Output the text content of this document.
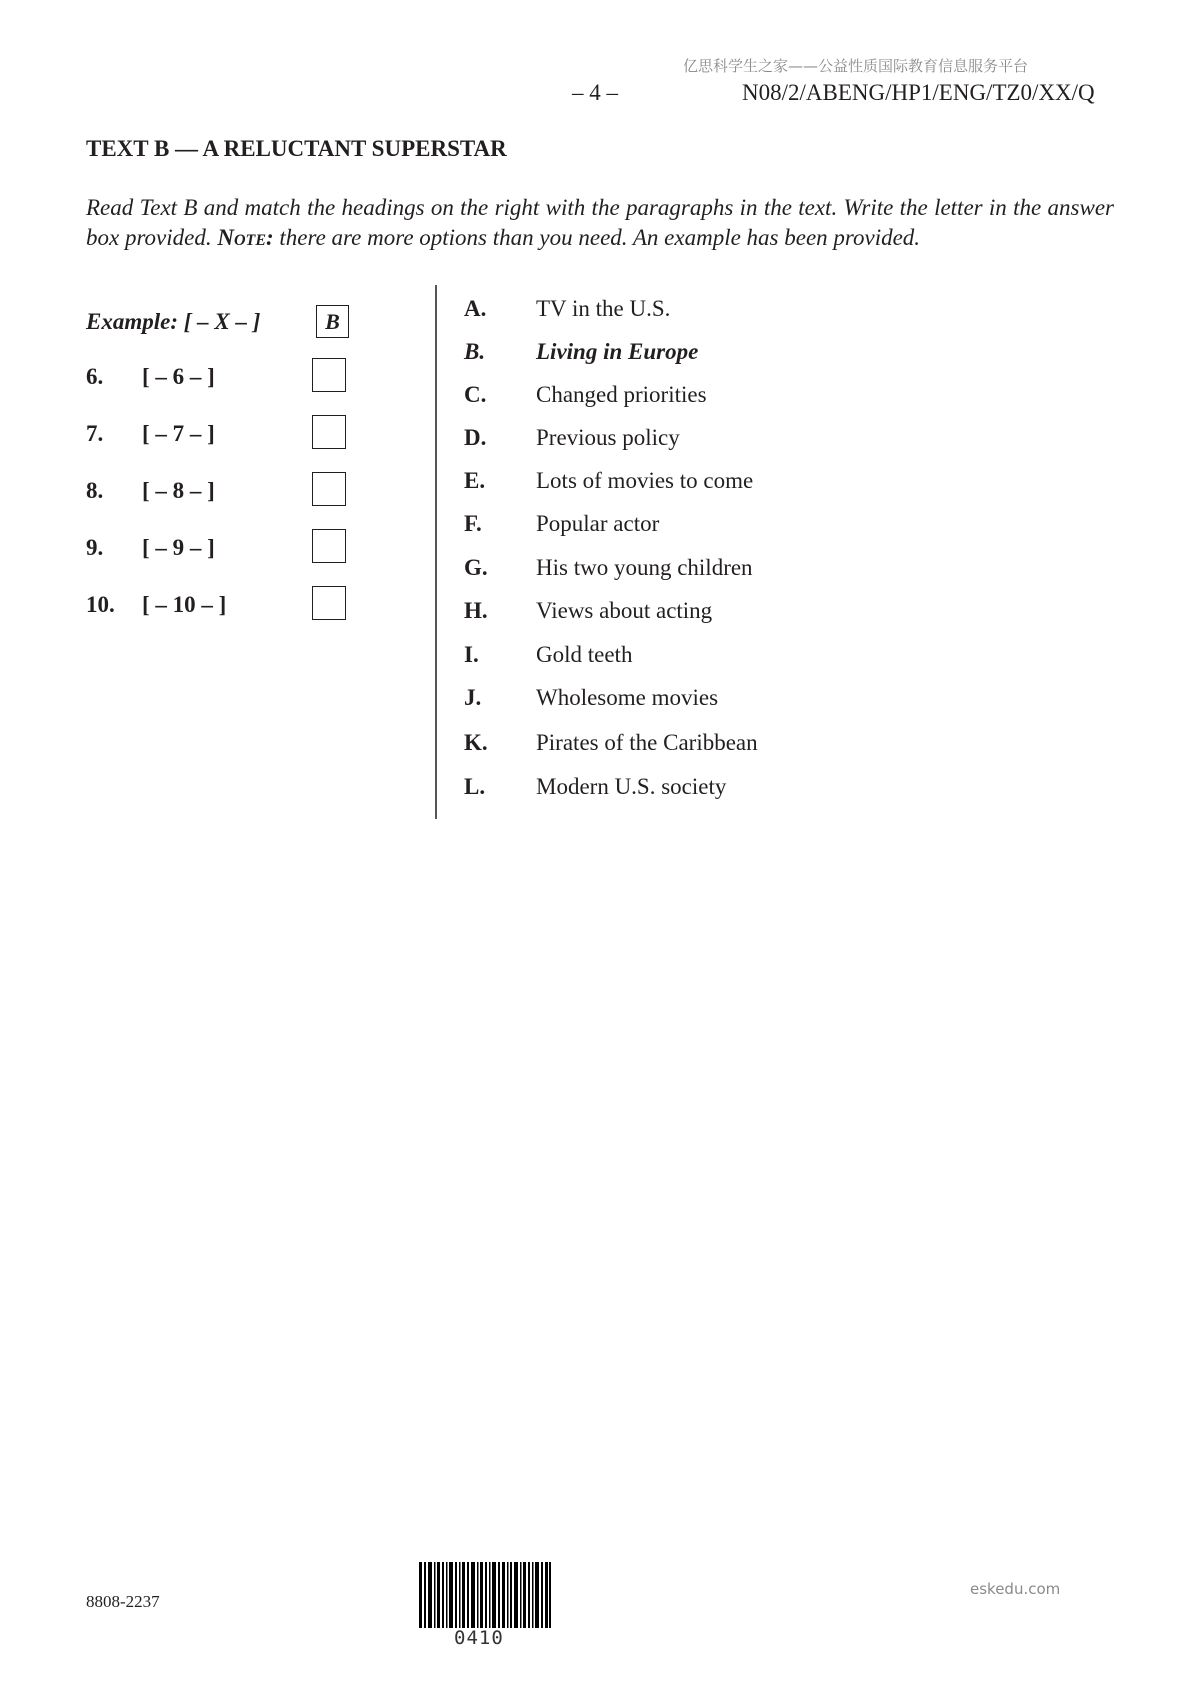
亿思科学生之家——公益性质国际教育信息服务平台
– 4 –	N08/2/ABENG/HP1/ENG/TZ0/XX/Q
TEXT B — A RELUCTANT SUPERSTAR
Read Text B and match the headings on the right with the paragraphs in the text. Write the letter in the answer box provided. Note: there are more options than you need. An example has been provided.
Example: [ – X – ]	B
6. [ – 6 – ]
7. [ – 7 – ]
8. [ – 8 – ]
9. [ – 9 – ]
10. [ – 10 – ]
A. TV in the U.S.
B. Living in Europe
C. Changed priorities
D. Previous policy
E. Lots of movies to come
F. Popular actor
G. His two young children
H. Views about acting
I. Gold teeth
J. Wholesome movies
K. Pirates of the Caribbean
L. Modern U.S. society
8808-2237
0410
eskedu.com
